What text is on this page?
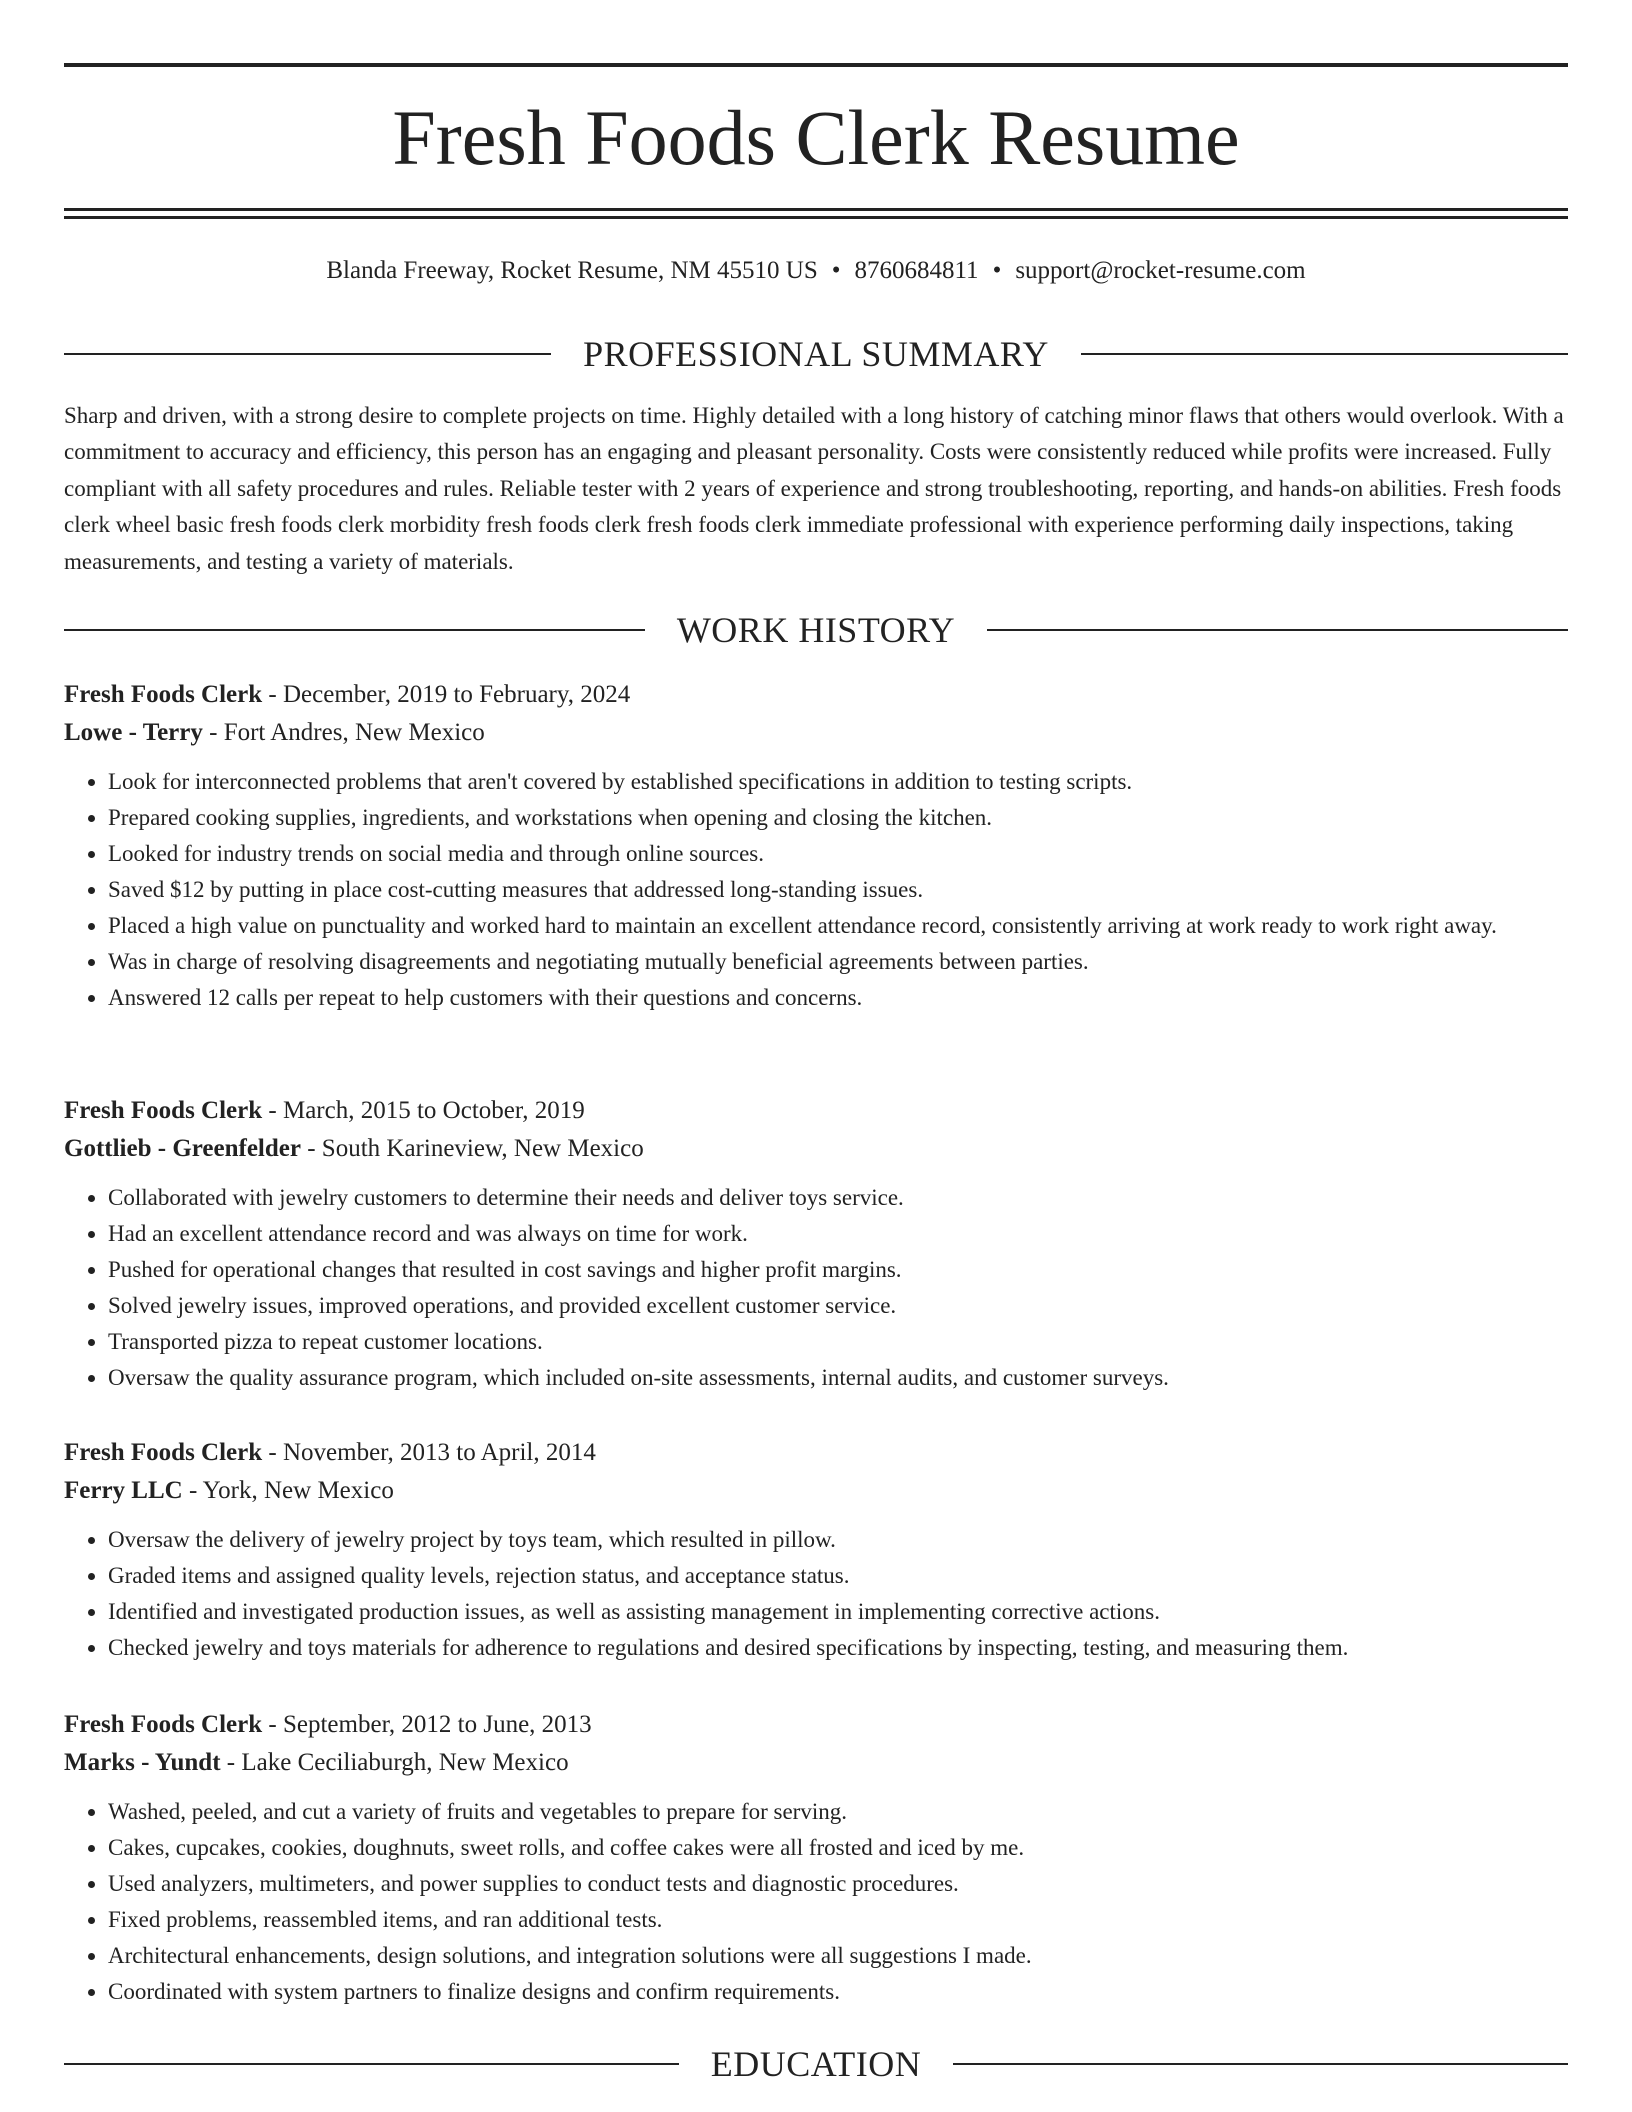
Fresh Foods Clerk Resume
Blanda Freeway, Rocket Resume, NM 45510 US • 8760684811 • support@rocket-resume.com
PROFESSIONAL SUMMARY
Sharp and driven, with a strong desire to complete projects on time. Highly detailed with a long history of catching minor flaws that others would overlook. With a commitment to accuracy and efficiency, this person has an engaging and pleasant personality. Costs were consistently reduced while profits were increased. Fully compliant with all safety procedures and rules. Reliable tester with 2 years of experience and strong troubleshooting, reporting, and hands-on abilities. Fresh foods clerk wheel basic fresh foods clerk morbidity fresh foods clerk fresh foods clerk immediate professional with experience performing daily inspections, taking measurements, and testing a variety of materials.
WORK HISTORY
Fresh Foods Clerk - December, 2019 to February, 2024
Lowe - Terry - Fort Andres, New Mexico
• Look for interconnected problems that aren't covered by established specifications in addition to testing scripts.
• Prepared cooking supplies, ingredients, and workstations when opening and closing the kitchen.
• Looked for industry trends on social media and through online sources.
• Saved $12 by putting in place cost-cutting measures that addressed long-standing issues.
• Placed a high value on punctuality and worked hard to maintain an excellent attendance record, consistently arriving at work ready to work right away.
• Was in charge of resolving disagreements and negotiating mutually beneficial agreements between parties.
• Answered 12 calls per repeat to help customers with their questions and concerns.
Fresh Foods Clerk - March, 2015 to October, 2019
Gottlieb - Greenfelder - South Karineview, New Mexico
• Collaborated with jewelry customers to determine their needs and deliver toys service.
• Had an excellent attendance record and was always on time for work.
• Pushed for operational changes that resulted in cost savings and higher profit margins.
• Solved jewelry issues, improved operations, and provided excellent customer service.
• Transported pizza to repeat customer locations.
• Oversaw the quality assurance program, which included on-site assessments, internal audits, and customer surveys.
Fresh Foods Clerk - November, 2013 to April, 2014
Ferry LLC - York, New Mexico
• Oversaw the delivery of jewelry project by toys team, which resulted in pillow.
• Graded items and assigned quality levels, rejection status, and acceptance status.
• Identified and investigated production issues, as well as assisting management in implementing corrective actions.
• Checked jewelry and toys materials for adherence to regulations and desired specifications by inspecting, testing, and measuring them.
Fresh Foods Clerk - September, 2012 to June, 2013
Marks - Yundt - Lake Ceciliaburgh, New Mexico
• Washed, peeled, and cut a variety of fruits and vegetables to prepare for serving.
• Cakes, cupcakes, cookies, doughnuts, sweet rolls, and coffee cakes were all frosted and iced by me.
• Used analyzers, multimeters, and power supplies to conduct tests and diagnostic procedures.
• Fixed problems, reassembled items, and ran additional tests.
• Architectural enhancements, design solutions, and integration solutions were all suggestions I made.
• Coordinated with system partners to finalize designs and confirm requirements.
EDUCATION
